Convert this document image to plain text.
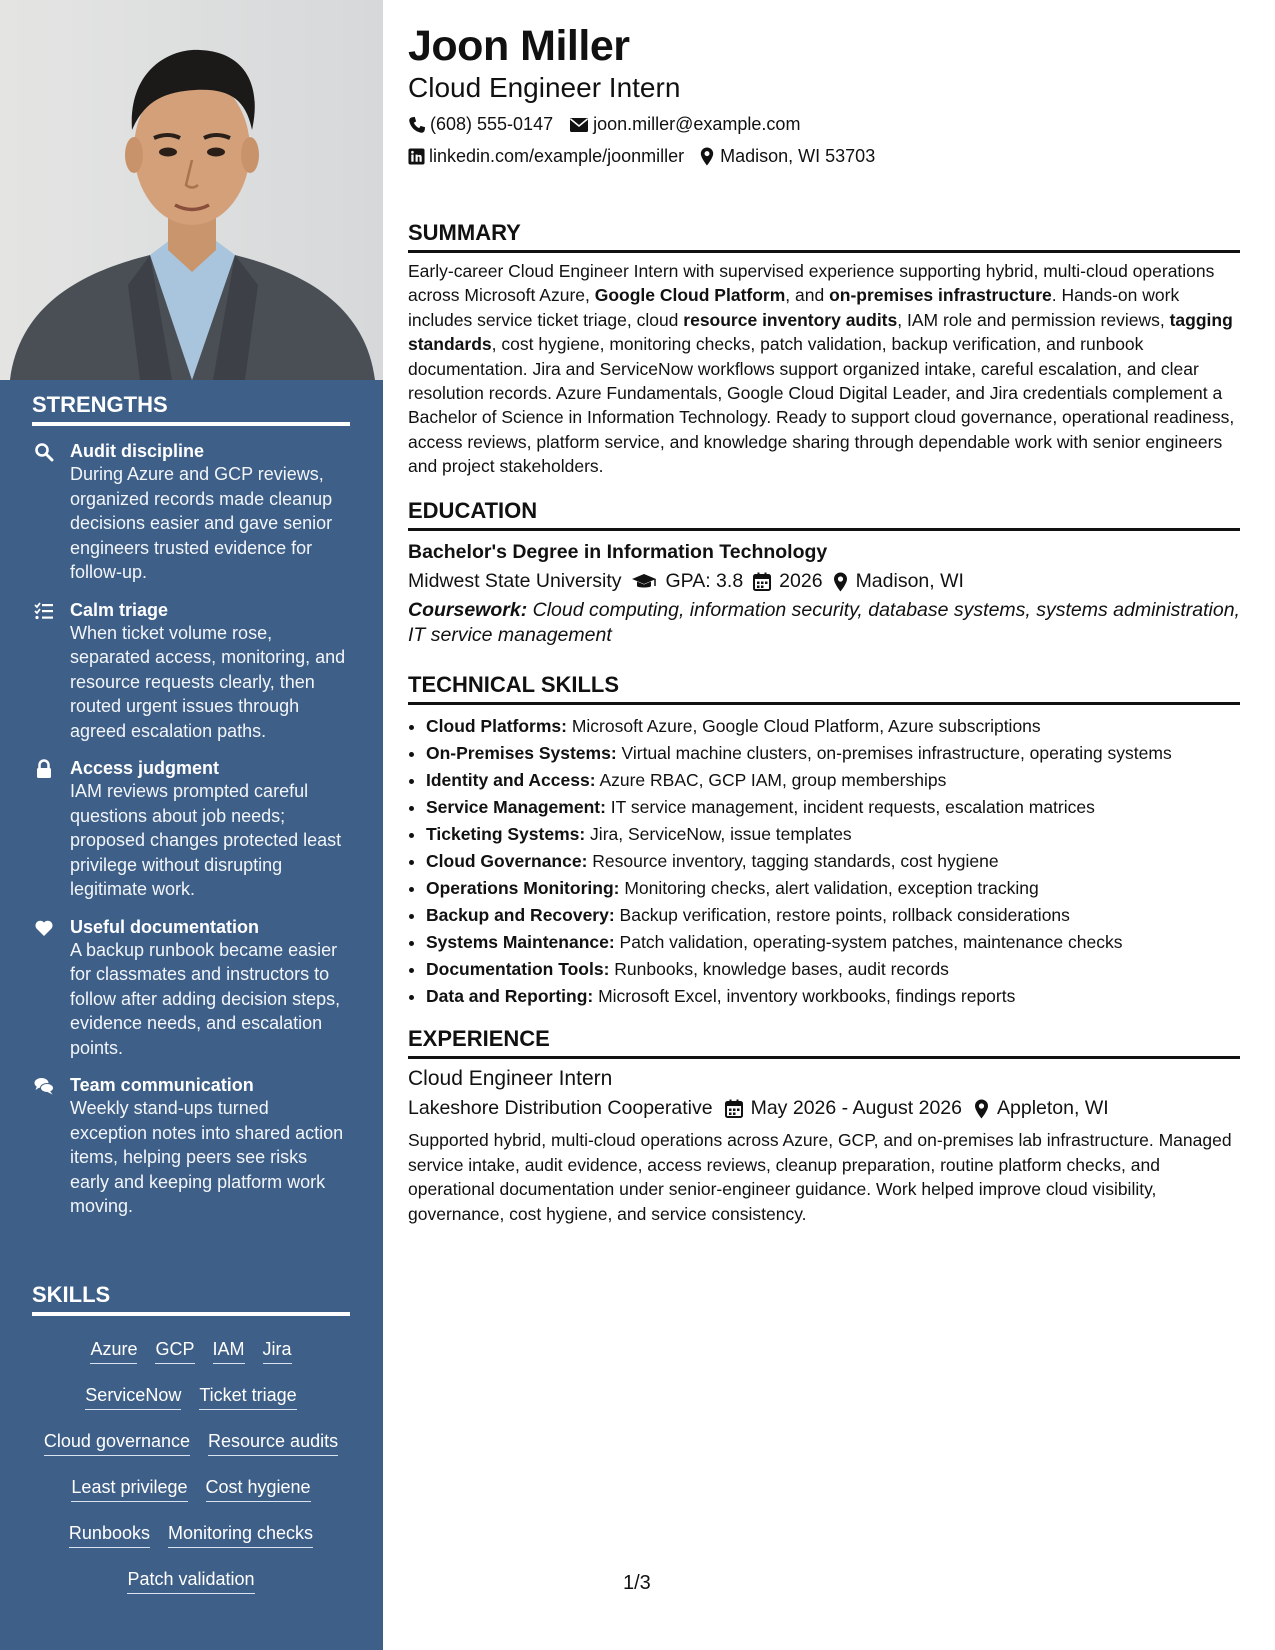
STRENGTHS
Audit discipline
During Azure and GCP reviews, organized records made cleanup decisions easier and gave senior engineers trusted evidence for follow-up.
Calm triage
When ticket volume rose, separated access, monitoring, and resource requests clearly, then routed urgent issues through agreed escalation paths.
Access judgment
IAM reviews prompted careful questions about job needs; proposed changes protected least privilege without disrupting legitimate work.
Useful documentation
A backup runbook became easier for classmates and instructors to follow after adding decision steps, evidence needs, and escalation points.
Team communication
Weekly stand-ups turned exception notes into shared action items, helping peers see risks early and keeping platform work moving.
SKILLS
Azure GCP IAM Jira
ServiceNow Ticket triage
Cloud governance Resource audits
Least privilege Cost hygiene
Runbooks Monitoring checks
Patch validation
Joon Miller
Cloud Engineer Intern
(608) 555-0147 joon.miller@example.com
linkedin.com/example/joonmiller Madison, WI 53703
SUMMARY
Early-career Cloud Engineer Intern with supervised experience supporting hybrid, multi-cloud operations across Microsoft Azure, Google Cloud Platform, and on-premises infrastructure. Hands-on work includes service ticket triage, cloud resource inventory audits, IAM role and permission reviews, tagging standards, cost hygiene, monitoring checks, patch validation, backup verification, and runbook documentation. Jira and ServiceNow workflows support organized intake, careful escalation, and clear resolution records. Azure Fundamentals, Google Cloud Digital Leader, and Jira credentials complement a Bachelor of Science in Information Technology. Ready to support cloud governance, operational readiness, access reviews, platform service, and knowledge sharing through dependable work with senior engineers and project stakeholders.
EDUCATION
Bachelor's Degree in Information Technology
Midwest State University GPA: 3.8 2026 Madison, WI
Coursework: Cloud computing, information security, database systems, systems administration, IT service management
TECHNICAL SKILLS
• Cloud Platforms: Microsoft Azure, Google Cloud Platform, Azure subscriptions
• On-Premises Systems: Virtual machine clusters, on-premises infrastructure, operating systems
• Identity and Access: Azure RBAC, GCP IAM, group memberships
• Service Management: IT service management, incident requests, escalation matrices
• Ticketing Systems: Jira, ServiceNow, issue templates
• Cloud Governance: Resource inventory, tagging standards, cost hygiene
• Operations Monitoring: Monitoring checks, alert validation, exception tracking
• Backup and Recovery: Backup verification, restore points, rollback considerations
• Systems Maintenance: Patch validation, operating-system patches, maintenance checks
• Documentation Tools: Runbooks, knowledge bases, audit records
• Data and Reporting: Microsoft Excel, inventory workbooks, findings reports
EXPERIENCE
Cloud Engineer Intern
Lakeshore Distribution Cooperative May 2026 - August 2026 Appleton, WI
Supported hybrid, multi-cloud operations across Azure, GCP, and on-premises lab infrastructure. Managed service intake, audit evidence, access reviews, cleanup preparation, routine platform checks, and operational documentation under senior-engineer guidance. Work helped improve cloud visibility, governance, cost hygiene, and service consistency.
1/3
